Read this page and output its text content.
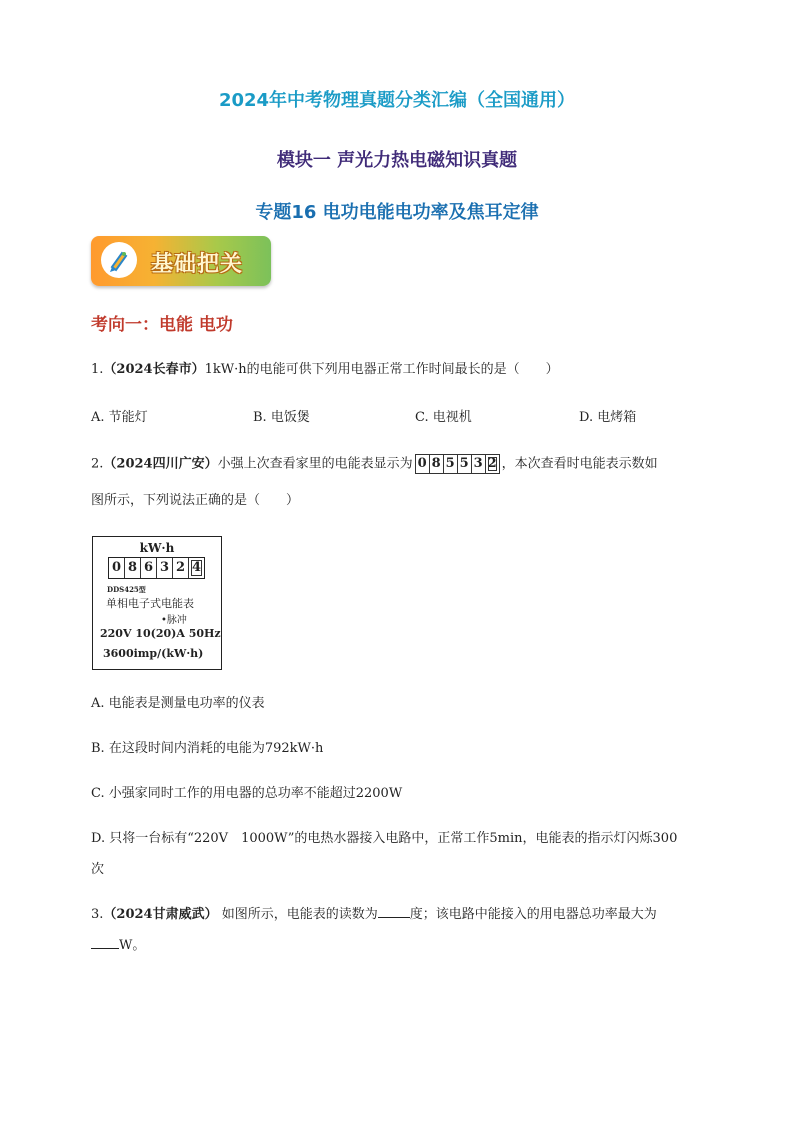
2024年中考物理真题分类汇编（全国通用）
模块一 声光力热电磁知识真题
专题16 电功电能电功率及焦耳定律
基础把关
考向一：电能 电功
1.（2024长春市）1kW·h的电能可供下列用电器正常工作时间最长的是（　　）
A. 节能灯	B. 电饭煲	C. 电视机	D. 电烤箱
2.（2024四川广安）小强上次查看家里的电能表显示为 0 8 5 5 3 2 ，本次查看时电能表示数如
图所示，下列说法正确的是（　　）
kW·h
0 8 6 3 2 4
DDS425型
单相电子式电能表
•脉冲
220V 10(20)A 50Hz
3600imp/(kW·h)
A. 电能表是测量电功率的仪表
B. 在这段时间内消耗的电能为792kW·h
C. 小强家同时工作的用电器的总功率不能超过2200W
D. 只将一台标有“220V　1000W”的电热水器接入电路中，正常工作5min，电能表的指示灯闪烁300
次
3.（2024甘肃威武） 如图所示，电能表的读数为 度；该电路中能接入的用电器总功率最大为
W。
